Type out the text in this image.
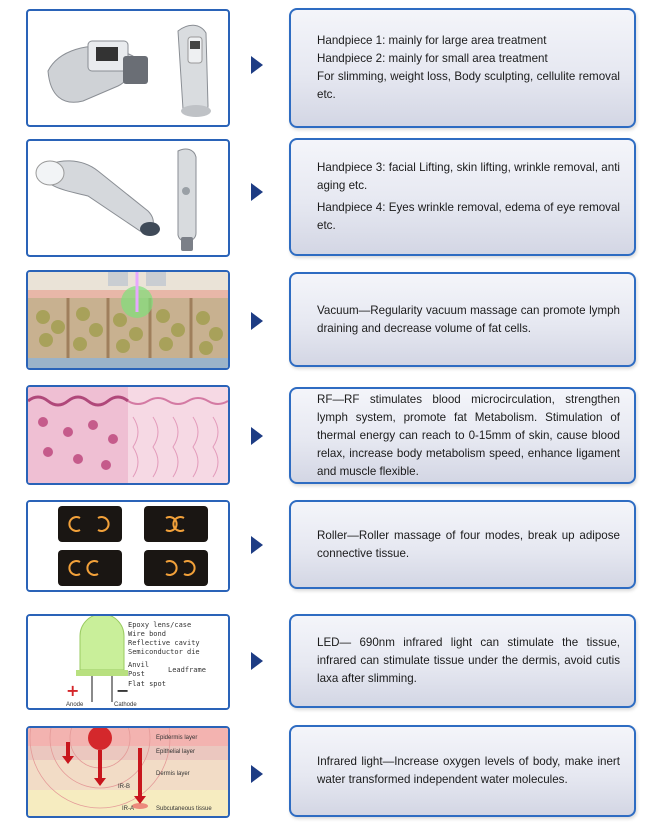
Handpiece 1: mainly for large area treatment
Handpiece 2: mainly for small area treatment
For slimming, weight loss, Body sculpting, cellulite removal etc.
Handpiece 3: facial Lifting, skin lifting, wrinkle removal, anti aging etc.
Handpiece 4: Eyes wrinkle removal, edema of eye removal etc.
Vacuum—Regularity vacuum massage can promote lymph draining and decrease volume of fat cells.
RF—RF stimulates blood microcirculation, strengthen lymph system, promote fat Metabolism. Stimulation of thermal energy can reach to 0-15mm of skin, cause blood relax, increase body metabolism speed, enhance ligament and muscle flexible.
Roller—Roller massage of four modes, break up adipose connective tissue.
Epoxy lens/case
Wire bond
Reflective cavity
Semiconductor die
Anvil
Post	Leadframe
Flat spot
+ −
Anode	Cathode
LED— 690nm infrared light can stimulate the tissue, infrared can stimulate tissue under the dermis, avoid cutis laxa after slimming.
Epidermis layer
Epithelial layer
Dermis layer
IR-B
IR-A	Subcutaneous tissue
Infrared light—Increase oxygen levels of body, make inert water transformed independent water molecules.
